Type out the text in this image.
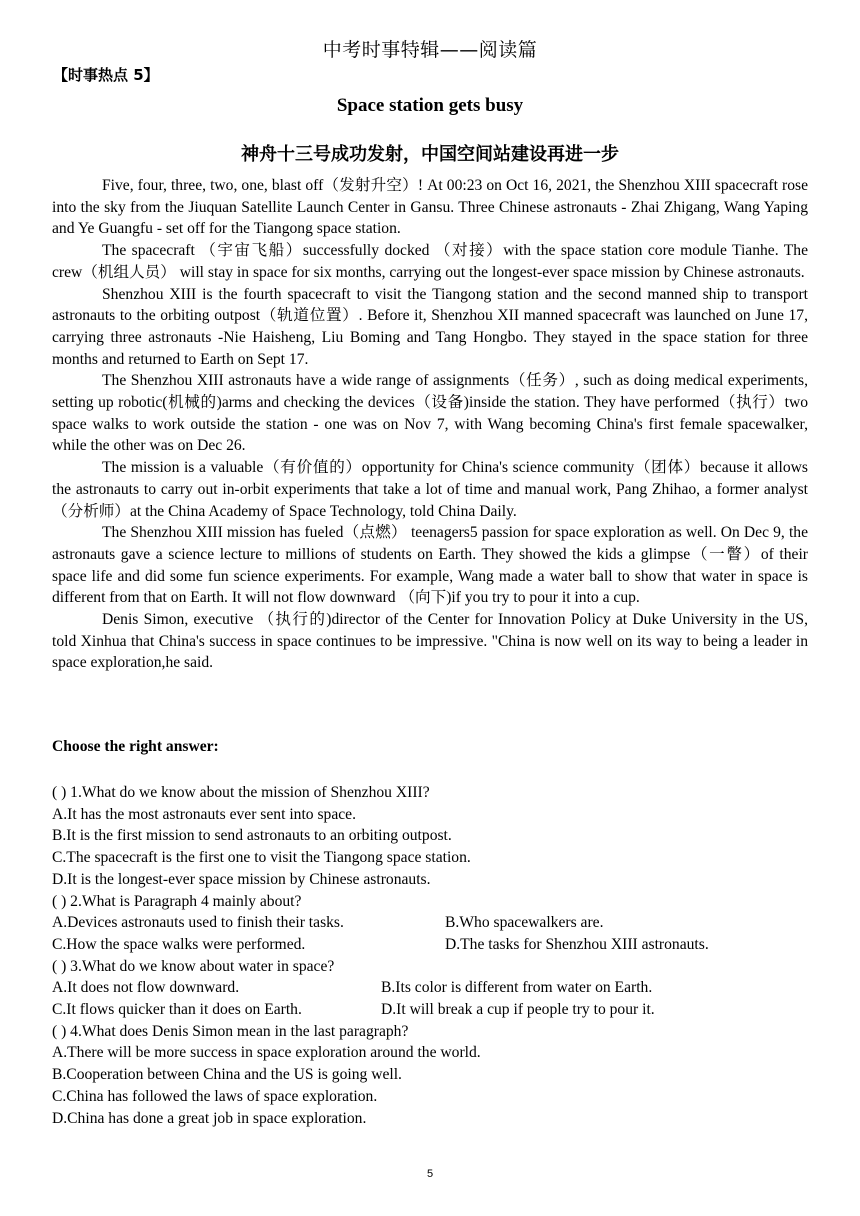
中考时事特辑——阅读篇
【时事热点 5】
Space station gets busy
神舟十三号成功发射，中国空间站建设再进一步

Five, four, three, two, one, blast off（发射升空）! At 00:23 on Oct 16, 2021, the Shenzhou XIII spacecraft rose into the sky from the Jiuquan Satellite Launch Center in Gansu. Three Chinese astronauts - Zhai Zhigang, Wang Yaping and Ye Guangfu - set off for the Tiangong space station.

The spacecraft （宇宙飞船）successfully docked （对接）with the space station core module Tianhe. The crew（机组人员） will stay in space for six months, carrying out the longest-ever space mission by Chinese astronauts.

Shenzhou XIII is the fourth spacecraft to visit the Tiangong station and the second manned ship to transport astronauts to the orbiting outpost（轨道位置）. Before it, Shenzhou XII manned spacecraft was launched on June 17, carrying three astronauts -Nie Haisheng, Liu Boming and Tang Hongbo. They stayed in the space station for three months and returned to Earth on Sept 17.

The Shenzhou XIII astronauts have a wide range of assignments（任务）, such as doing medical experiments, setting up robotic(机械的)arms and checking the devices（设备)inside the station. They have performed（执行）two space walks to work outside the station - one was on Nov 7, with Wang becoming China's first female spacewalker, while the other was on Dec 26.

The mission is a valuable（有价值的）opportunity for China's science community（团体）because it allows the astronauts to carry out in-orbit experiments that take a lot of time and manual work, Pang Zhihao, a former analyst（分析师）at the China Academy of Space Technology, told China Daily.

The Shenzhou XIII mission has fueled（点燃） teenagers5 passion for space exploration as well. On Dec 9, the astronauts gave a science lecture to millions of students on Earth. They showed the kids a glimpse（一瞥）of their space life and did some fun science experiments. For example, Wang made a water ball to show that water in space is different from that on Earth. It will not flow downward （向下)if you try to pour it into a cup.

Denis Simon, executive （执行的)director of the Center for Innovation Policy at Duke University in the US, told Xinhua that China's success in space continues to be impressive. "China is now well on its way to being a leader in space exploration,he said.

Choose the right answer:
( ) 1.What do we know about the mission of Shenzhou XIII?
A.It has the most astronauts ever sent into space.
B.It is the first mission to send astronauts to an orbiting outpost.
C.The spacecraft is the first one to visit the Tiangong space station.
D.It is the longest-ever space mission by Chinese astronauts.
( ) 2.What is Paragraph 4 mainly about?
A.Devices astronauts used to finish their tasks.	B.Who spacewalkers are.
C.How the space walks were performed.	D.The tasks for Shenzhou XIII astronauts.
( ) 3.What do we know about water in space?
A.It does not flow downward.	B.Its color is different from water on Earth.
C.It flows quicker than it does on Earth.	D.It will break a cup if people try to pour it.
( ) 4.What does Denis Simon mean in the last paragraph?
A.There will be more success in space exploration around the world.
B.Cooperation between China and the US is going well.
C.China has followed the laws of space exploration.
D.China has done a great job in space exploration.
5
